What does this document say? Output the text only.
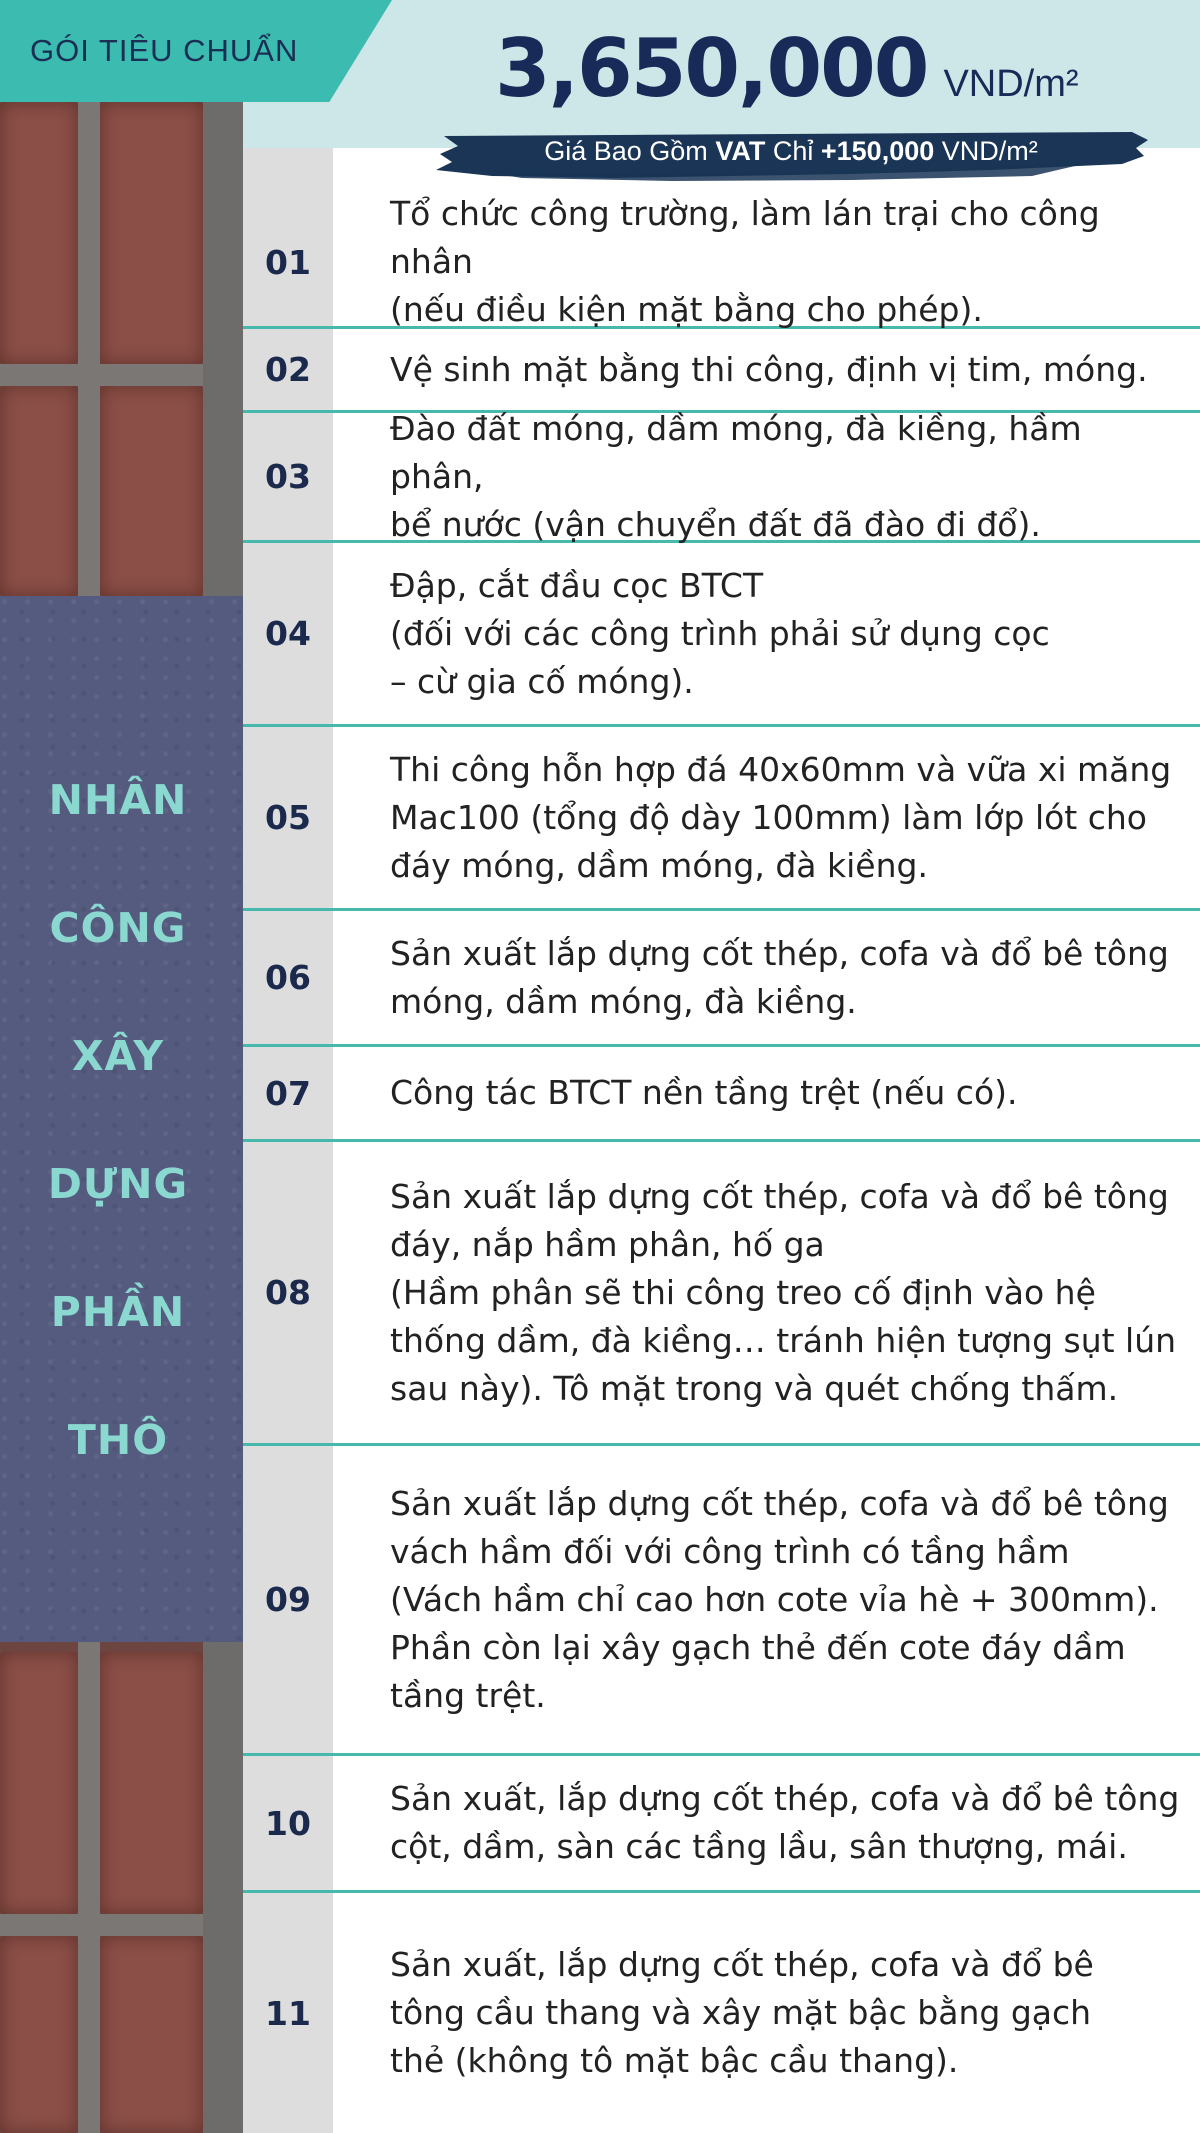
GÓI TIÊU CHUẨN 3,650,000 VND/m²
Giá Bao Gồm VAT Chỉ +150,000 VND/m²
NHÂN
CÔNG
XÂY
DỰNG
PHẦN
THÔ
01
Tổ chức công trường, làm lán trại cho công nhân
(nếu điều kiện mặt bằng cho phép).
02	Vệ sinh mặt bằng thi công, định vị tim, móng.
03
Đào đất móng, dầm móng, đà kiềng, hầm phân,
bể nước (vận chuyển đất đã đào đi đổ).
04
Đập, cắt đầu cọc BTCT
(đối với các công trình phải sử dụng cọc
– cừ gia cố móng).
05
Thi công hỗn hợp đá 40x60mm và vữa xi măng
Mac100 (tổng độ dày 100mm) làm lớp lót cho
đáy móng, dầm móng, đà kiềng.
06
Sản xuất lắp dựng cốt thép, cofa và đổ bê tông
móng, dầm móng, đà kiềng.
07	Công tác BTCT nền tầng trệt (nếu có).
08
Sản xuất lắp dựng cốt thép, cofa và đổ bê tông
đáy, nắp hầm phân, hố ga
(Hầm phân sẽ thi công treo cố định vào hệ
thống dầm, đà kiềng… tránh hiện tượng sụt lún
sau này). Tô mặt trong và quét chống thấm.
09
Sản xuất lắp dựng cốt thép, cofa và đổ bê tông
vách hầm đối với công trình có tầng hầm
(Vách hầm chỉ cao hơn cote vỉa hè + 300mm).
Phần còn lại xây gạch thẻ đến cote đáy dầm
tầng trệt.
10
Sản xuất, lắp dựng cốt thép, cofa và đổ bê tông
cột, dầm, sàn các tầng lầu, sân thượng, mái.
11
Sản xuất, lắp dựng cốt thép, cofa và đổ bê
tông cầu thang và xây mặt bậc bằng gạch
thẻ (không tô mặt bậc cầu thang).
